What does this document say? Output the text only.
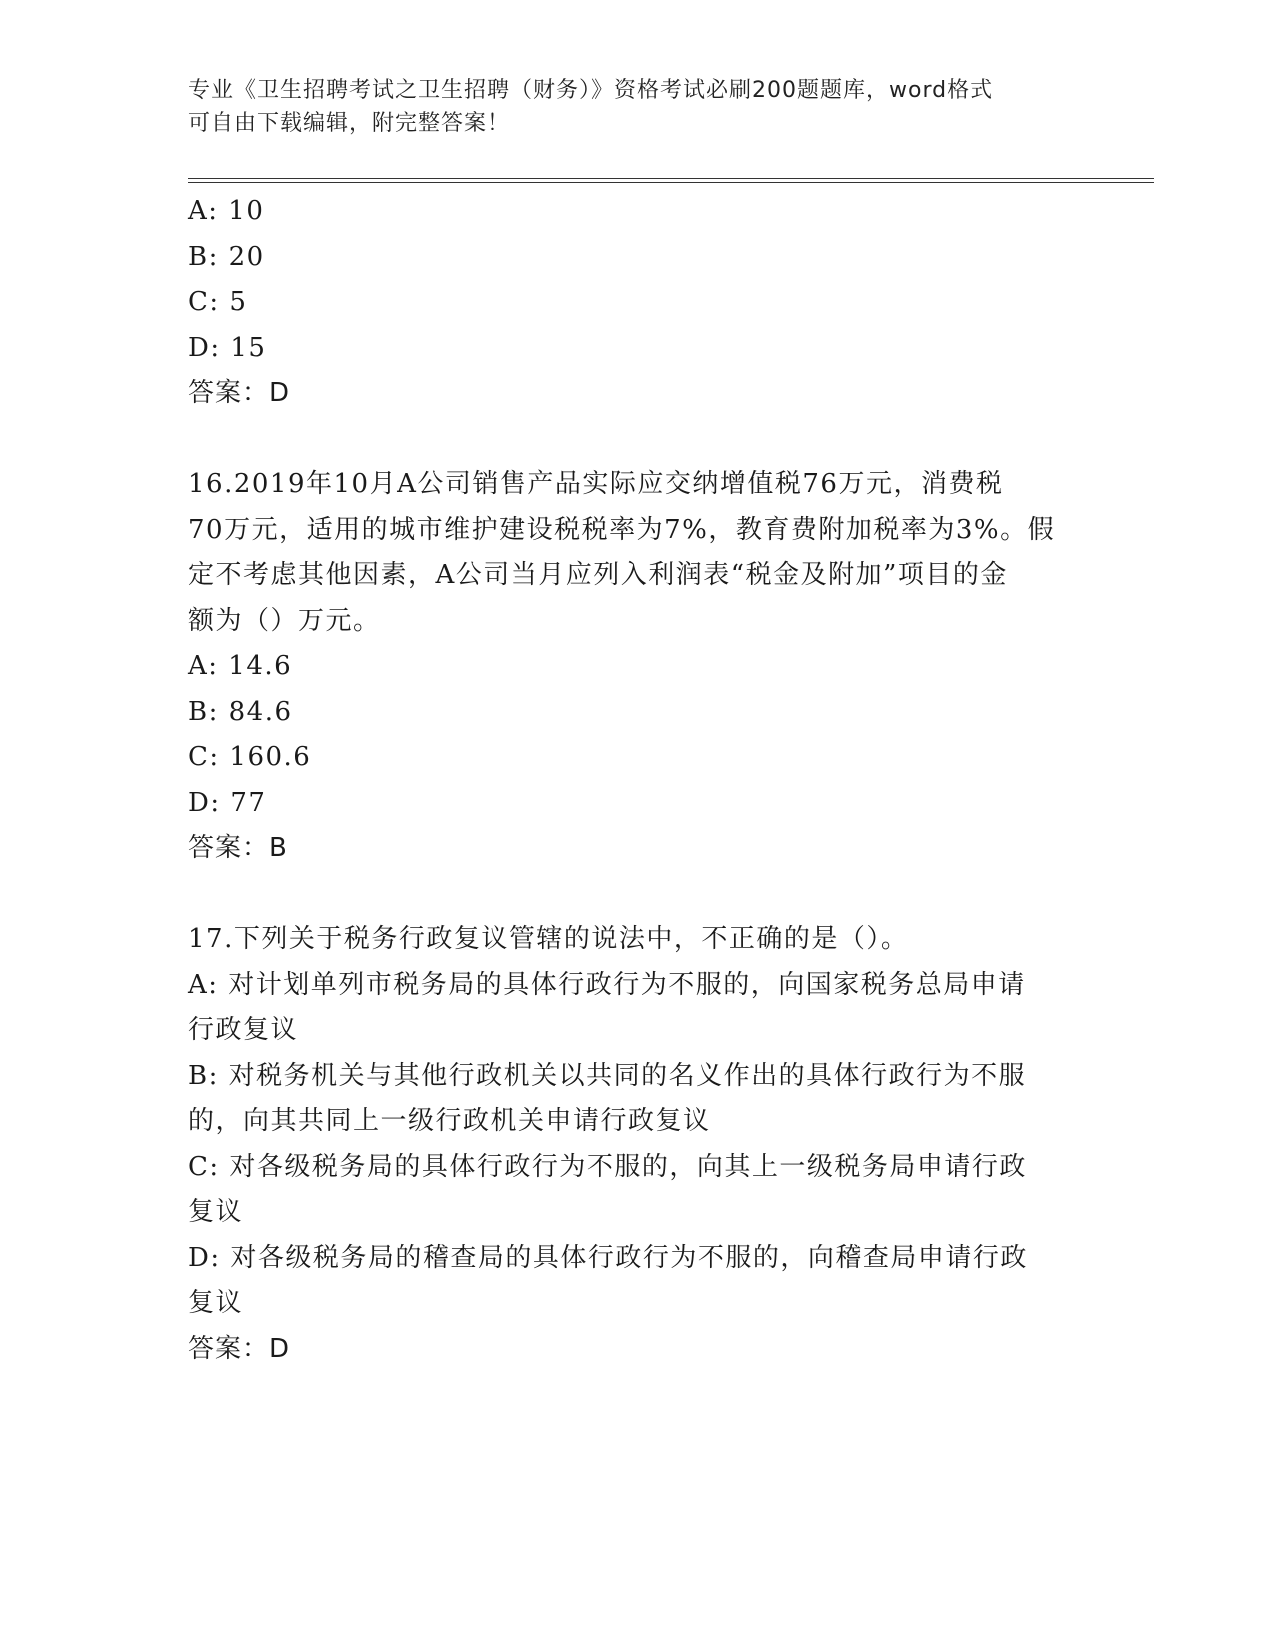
专业《卫生招聘考试之卫生招聘（财务）》资格考试必刷200题题库，word格式
可自由下载编辑，附完整答案！
A: 10
B: 20
C: 5
D: 15
答案：D
16.2019年10月A公司销售产品实际应交纳增值税76万元，消费税
70万元，适用的城市维护建设税税率为7%，教育费附加税率为3%。假
定不考虑其他因素，A公司当月应列入利润表“税金及附加”项目的金
额为（）万元。
A: 14.6
B: 84.6
C: 160.6
D: 77
答案：B
17.下列关于税务行政复议管辖的说法中，不正确的是（）。
A: 对计划单列市税务局的具体行政行为不服的，向国家税务总局申请
行政复议
B: 对税务机关与其他行政机关以共同的名义作出的具体行政行为不服
的，向其共同上一级行政机关申请行政复议
C: 对各级税务局的具体行政行为不服的，向其上一级税务局申请行政
复议
D: 对各级税务局的稽查局的具体行政行为不服的，向稽查局申请行政
复议
答案：D
